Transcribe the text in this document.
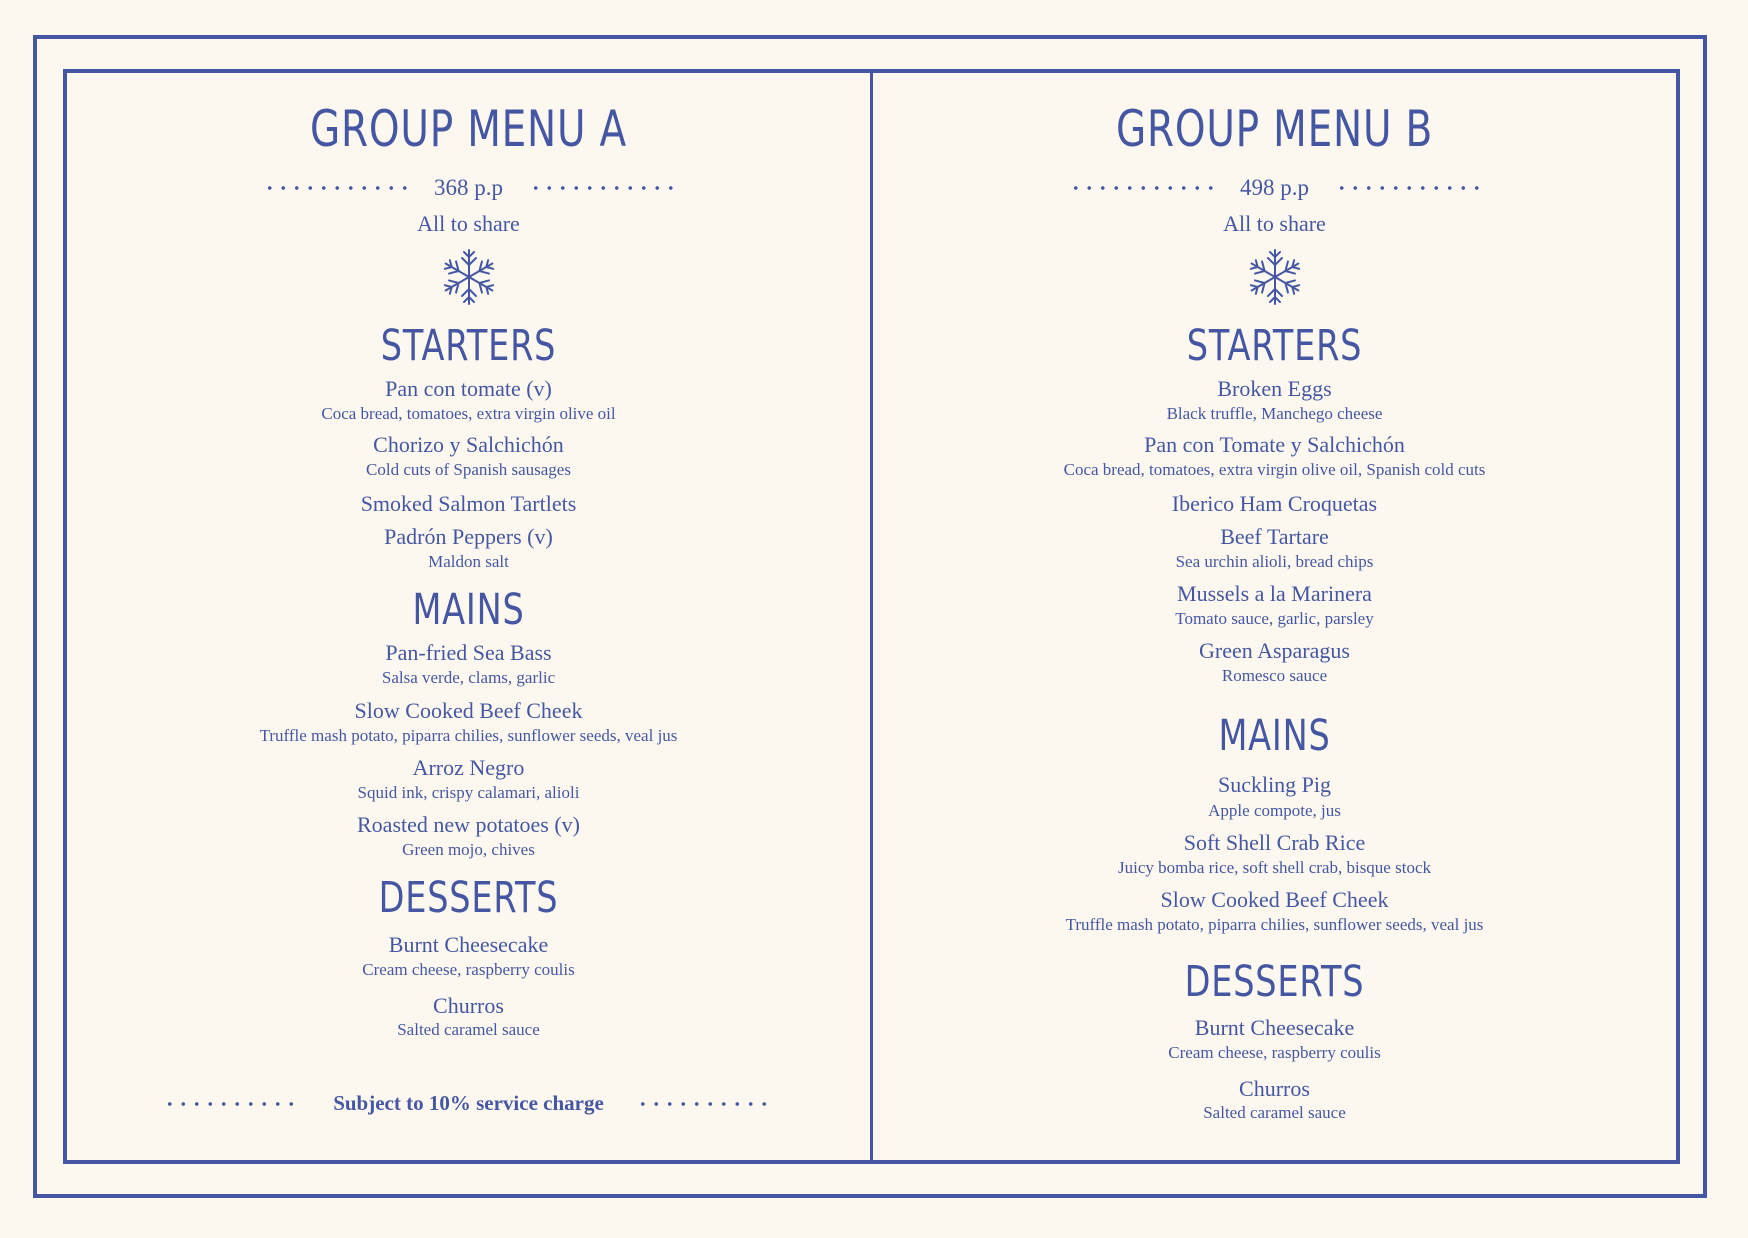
GROUP MENU A
368 p.p
All to share
STARTERS
Pan con tomate (v)
Coca bread, tomatoes, extra virgin olive oil
Chorizo y Salchichón
Cold cuts of Spanish sausages
Smoked Salmon Tartlets
Padrón Peppers (v)
Maldon salt
MAINS
Pan-fried Sea Bass
Salsa verde, clams, garlic
Slow Cooked Beef Cheek
Truffle mash potato, piparra chilies, sunflower seeds, veal jus
Arroz Negro
Squid ink, crispy calamari, alioli
Roasted new potatoes (v)
Green mojo, chives
DESSERTS
Burnt Cheesecake
Cream cheese, raspberry coulis
Churros
Salted caramel sauce
Subject to 10% service charge
GROUP MENU B
498 p.p
All to share
STARTERS
Broken Eggs
Black truffle, Manchego cheese
Pan con Tomate y Salchichón
Coca bread, tomatoes, extra virgin olive oil, Spanish cold cuts
Iberico Ham Croquetas
Beef Tartare
Sea urchin alioli, bread chips
Mussels a la Marinera
Tomato sauce, garlic, parsley
Green Asparagus
Romesco sauce
MAINS
Suckling Pig
Apple compote, jus
Soft Shell Crab Rice
Juicy bomba rice, soft shell crab, bisque stock
Slow Cooked Beef Cheek
Truffle mash potato, piparra chilies, sunflower seeds, veal jus
DESSERTS
Burnt Cheesecake
Cream cheese, raspberry coulis
Churros
Salted caramel sauce
